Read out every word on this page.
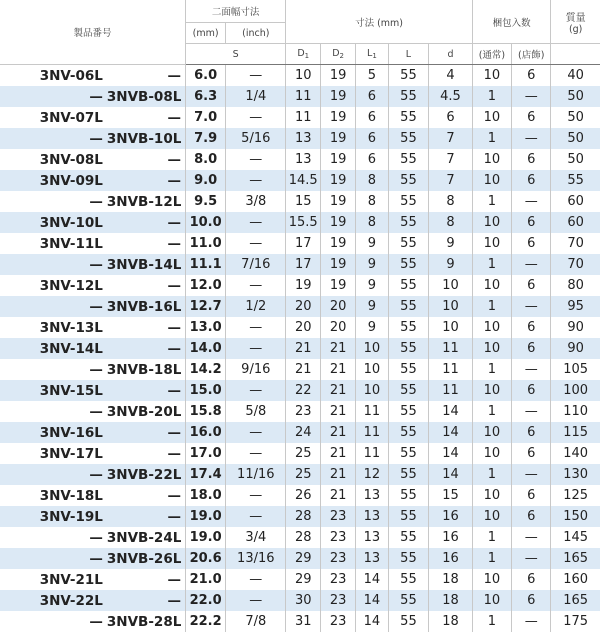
製品番号		二面幅寸法		寸法 (mm)					梱包入数		質量
(g)

		(mm)	(inch)								
		S		$D_1$	$D_2$	$L_1$	L	d	(通常)	(店飾)	
3NV-06L	—	6.0	—	10	19	5	55	4	10	6	40
—	3NVB-08L	6.3	1/4	11	19	6	55	4.5	1	—	50
3NV-07L	—	7.0	—	11	19	6	55	6	10	6	50
—	3NVB-10L	7.9	5/16	13	19	6	55	7	1	—	50
3NV-08L	—	8.0	—	13	19	6	55	7	10	6	50
3NV-09L	—	9.0	—	14.5	19	8	55	7	10	6	55
—	3NVB-12L	9.5	3/8	15	19	8	55	8	1	—	60
3NV-10L	—	10.0	—	15.5	19	8	55	8	10	6	60
3NV-11L	—	11.0	—	17	19	9	55	9	10	6	70
—	3NVB-14L	11.1	7/16	17	19	9	55	9	1	—	70
3NV-12L	—	12.0	—	19	19	9	55	10	10	6	80
—	3NVB-16L	12.7	1/2	20	20	9	55	10	1	—	95
3NV-13L	—	13.0	—	20	20	9	55	10	10	6	90
3NV-14L	—	14.0	—	21	21	10	55	11	10	6	90
—	3NVB-18L	14.2	9/16	21	21	10	55	11	1	—	105
3NV-15L	—	15.0	—	22	21	10	55	11	10	6	100
—	3NVB-20L	15.8	5/8	23	21	11	55	14	1	—	110
3NV-16L	—	16.0	—	24	21	11	55	14	10	6	115
3NV-17L	—	17.0	—	25	21	11	55	14	10	6	140
—	3NVB-22L	17.4	11/16	25	21	12	55	14	1	—	130
3NV-18L	—	18.0	—	26	21	13	55	15	10	6	125
3NV-19L	—	19.0	—	28	23	13	55	16	10	6	150
—	3NVB-24L	19.0	3/4	28	23	13	55	16	1	—	145
—	3NVB-26L	20.6	13/16	29	23	13	55	16	1	—	165
3NV-21L	—	21.0	—	29	23	14	55	18	10	6	160
3NV-22L	—	22.0	—	30	23	14	55	18	10	6	165
—	3NVB-28L	22.2	7/8	31	23	14	55	18	1	—	175
